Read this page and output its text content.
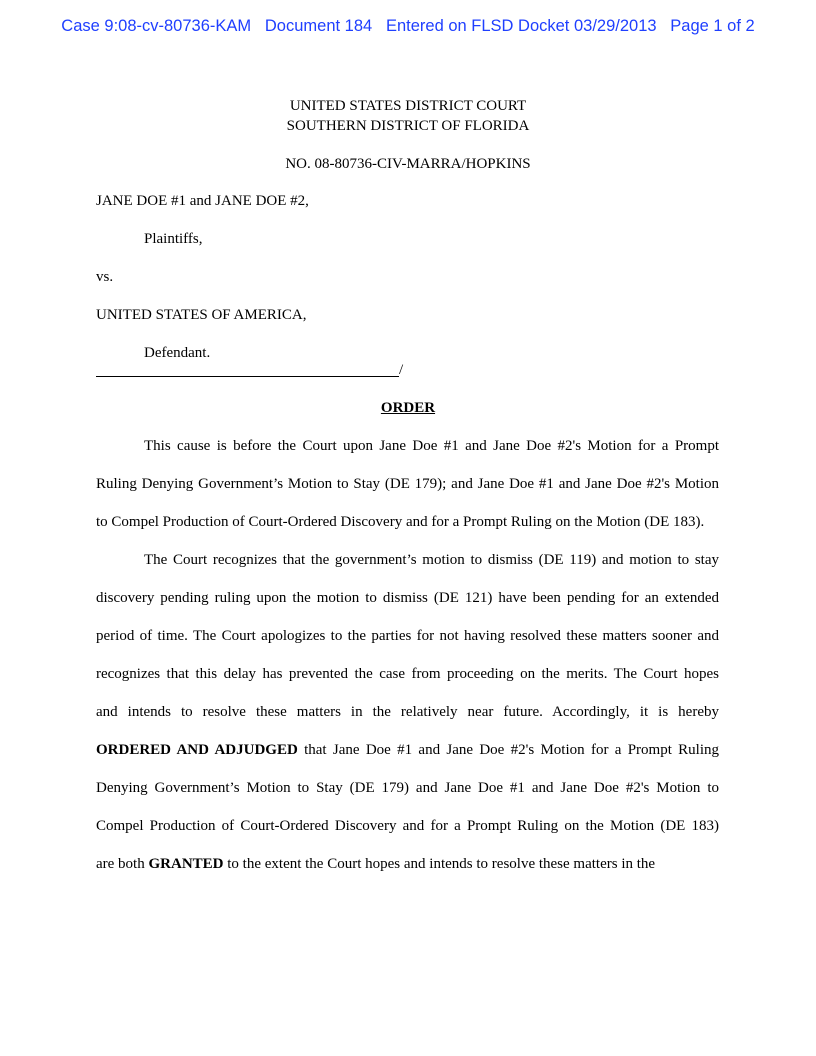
Case 9:08-cv-80736-KAM   Document 184   Entered on FLSD Docket 03/29/2013   Page 1 of 2
UNITED STATES DISTRICT COURT
SOUTHERN DISTRICT OF FLORIDA
NO. 08-80736-CIV-MARRA/HOPKINS
JANE DOE #1 and JANE DOE #2,
Plaintiffs,
vs.
UNITED STATES OF AMERICA,
Defendant.
/
ORDER
This cause is before the Court upon Jane Doe #1 and Jane Doe #2's Motion for a Prompt
Ruling Denying Government’s Motion to Stay (DE 179); and Jane Doe #1 and Jane Doe #2's Motion
to Compel Production of Court-Ordered Discovery and for a Prompt Ruling on the Motion (DE 183).
The Court recognizes that the government’s motion to dismiss (DE 119) and motion to stay
discovery pending ruling upon the motion to dismiss (DE 121) have been pending for an extended
period of time. The Court apologizes to the parties for not having resolved these matters sooner and
recognizes that this delay has prevented the case from proceeding on the merits. The Court hopes
and intends to resolve these matters in the relatively near future. Accordingly, it is hereby
ORDERED AND ADJUDGED that Jane Doe #1 and Jane Doe #2's Motion for a Prompt Ruling
Denying Government’s Motion to Stay (DE 179) and Jane Doe #1 and Jane Doe #2's Motion to
Compel Production of Court-Ordered Discovery and for a Prompt Ruling on the Motion (DE 183)
are both GRANTED to the extent the Court hopes and intends to resolve these matters in the
